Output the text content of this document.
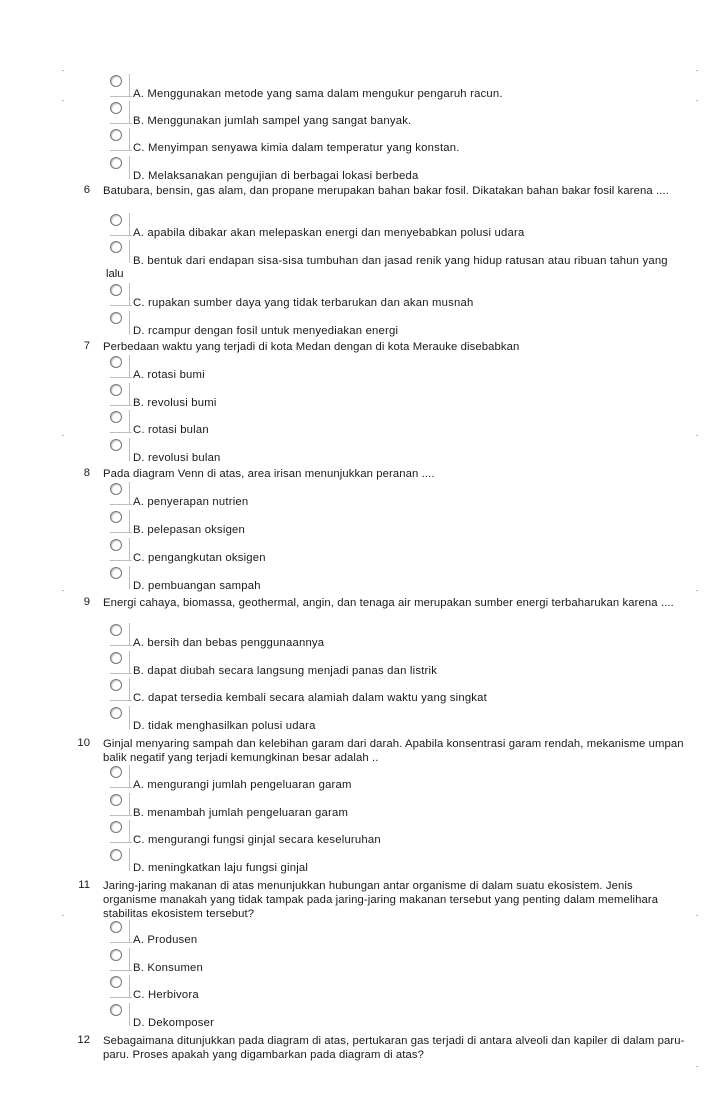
A. Menggunakan metode yang sama dalam mengukur pengaruh racun.
B. Menggunakan jumlah sampel yang sangat banyak.
C. Menyimpan senyawa kimia dalam temperatur yang konstan.
D. Melaksanakan pengujian di berbagai lokasi berbeda
6 Batubara, bensin, gas alam, dan propane merupakan bahan bakar fosil. Dikatakan bahan bakar fosil karena ....
A. apabila dibakar akan melepaskan energi dan menyebabkan polusi udara
B. bentuk dari endapan sisa-sisa tumbuhan dan jasad renik yang hidup ratusan atau ribuan tahun yang
lalu
C. rupakan sumber daya yang tidak terbarukan dan akan musnah
D. rcampur dengan fosil untuk menyediakan energi
7 Perbedaan waktu yang terjadi di kota Medan dengan di kota Merauke disebabkan
A. rotasi bumi
B. revolusi bumi
C. rotasi bulan
D. revolusi bulan
8 Pada diagram Venn di atas, area irisan menunjukkan peranan ....
A. penyerapan nutrien
B. pelepasan oksigen
C. pengangkutan oksigen
D. pembuangan sampah
9 Energi cahaya, biomassa, geothermal, angin, dan tenaga air merupakan sumber energi terbaharukan karena ....
A. bersih dan bebas penggunaannya
B. dapat diubah secara langsung menjadi panas dan listrik
C. dapat tersedia kembali secara alamiah dalam waktu yang singkat
D. tidak menghasilkan polusi udara
10 Ginjal menyaring sampah dan kelebihan garam dari darah. Apabila konsentrasi garam rendah, mekanisme umpan balik negatif yang terjadi kemungkinan besar adalah ..
A. mengurangi jumlah pengeluaran garam
B. menambah jumlah pengeluaran garam
C. mengurangi fungsi ginjal secara keseluruhan
D. meningkatkan laju fungsi ginjal
11 Jaring-jaring makanan di atas menunjukkan hubungan antar organisme di dalam suatu ekosistem. Jenis organisme manakah yang tidak tampak pada jaring-jaring makanan tersebut yang penting dalam memelihara stabilitas ekosistem tersebut?
A. Produsen
B. Konsumen
C. Herbivora
D. Dekomposer
12 Sebagaimana ditunjukkan pada diagram di atas, pertukaran gas terjadi di antara alveoli dan kapiler di dalam paru-paru. Proses apakah yang digambarkan pada diagram di atas?
